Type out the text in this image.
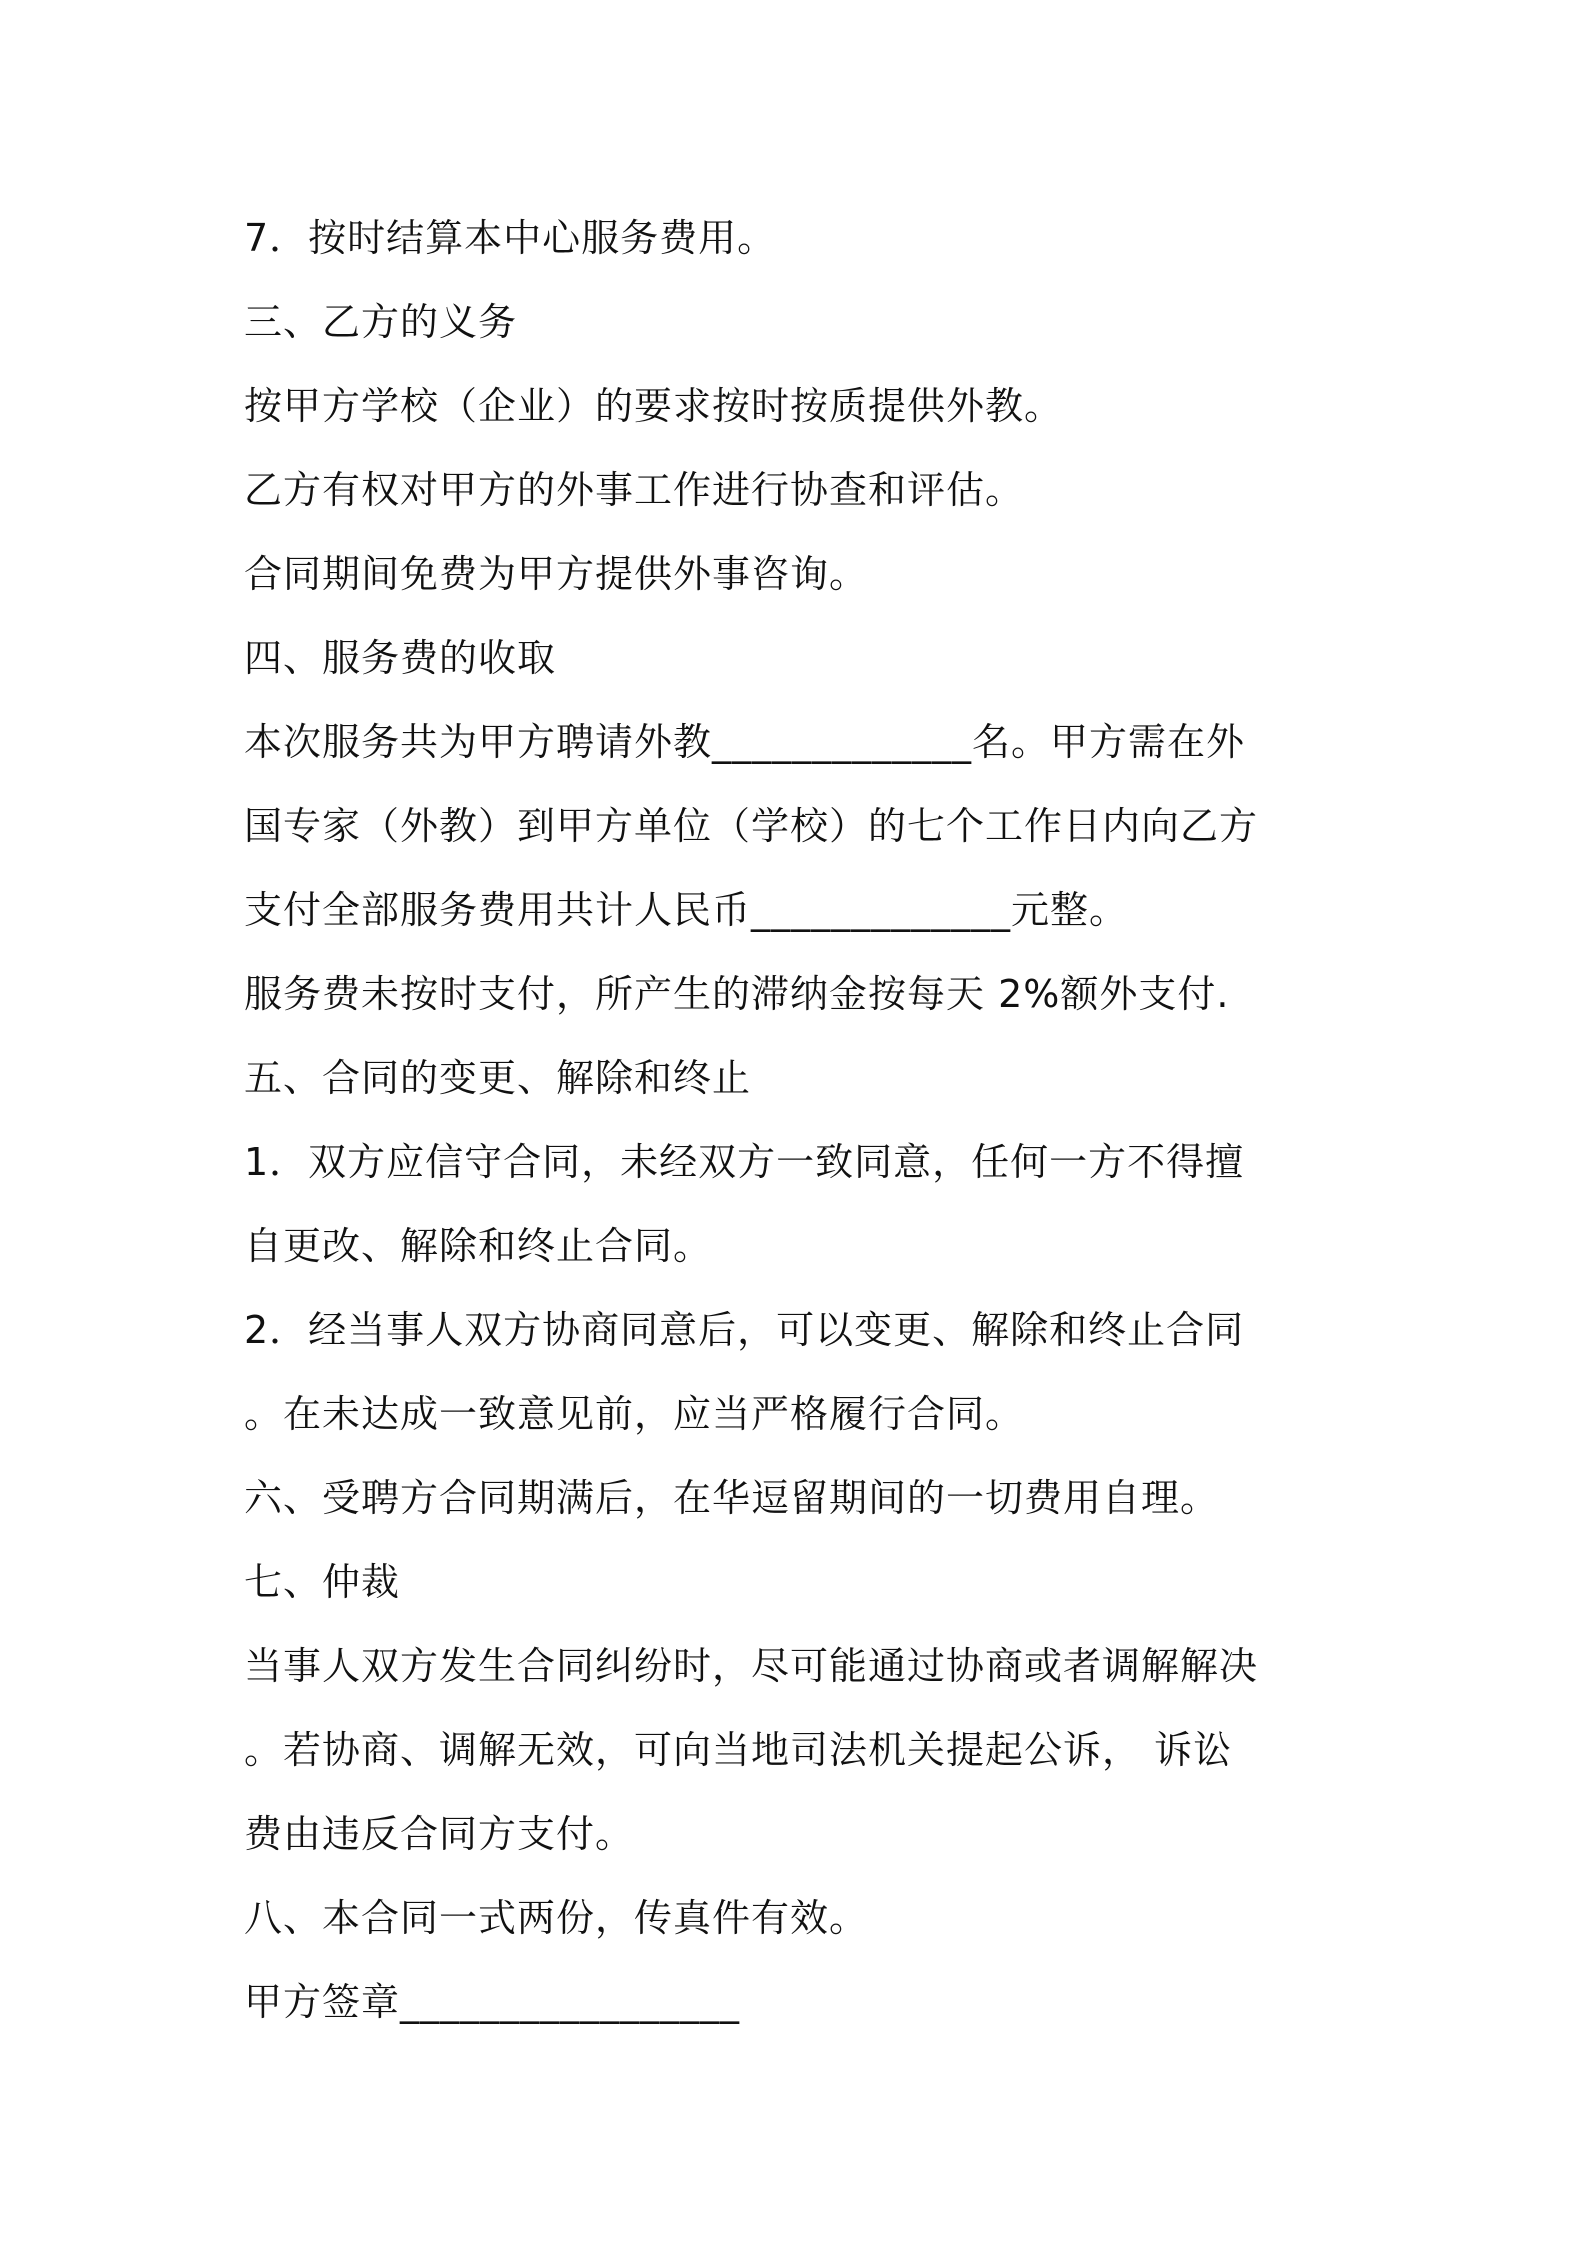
7．按时结算本中心服务费用。
三、乙方的义务
按甲方学校（企业）的要求按时按质提供外教。
乙方有权对甲方的外事工作进行协查和评估。
合同期间免费为甲方提供外事咨询。
四、服务费的收取
本次服务共为甲方聘请外教_____________名。甲方需在外
国专家（外教）到甲方单位（学校）的七个工作日内向乙方
支付全部服务费用共计人民币_____________元整。
服务费未按时支付，所产生的滞纳金按每天 2%额外支付.
五、合同的变更、解除和终止
1．双方应信守合同，未经双方一致同意，任何一方不得擅
自更改、解除和终止合同。
2．经当事人双方协商同意后，可以变更、解除和终止合同
。在未达成一致意见前，应当严格履行合同。
六、受聘方合同期满后，在华逗留期间的一切费用自理。
七、仲裁
当事人双方发生合同纠纷时，尽可能通过协商或者调解解决
。若协商、调解无效，可向当地司法机关提起公诉， 诉讼
费由违反合同方支付。
八、本合同一式两份，传真件有效。
甲方签章_________________
